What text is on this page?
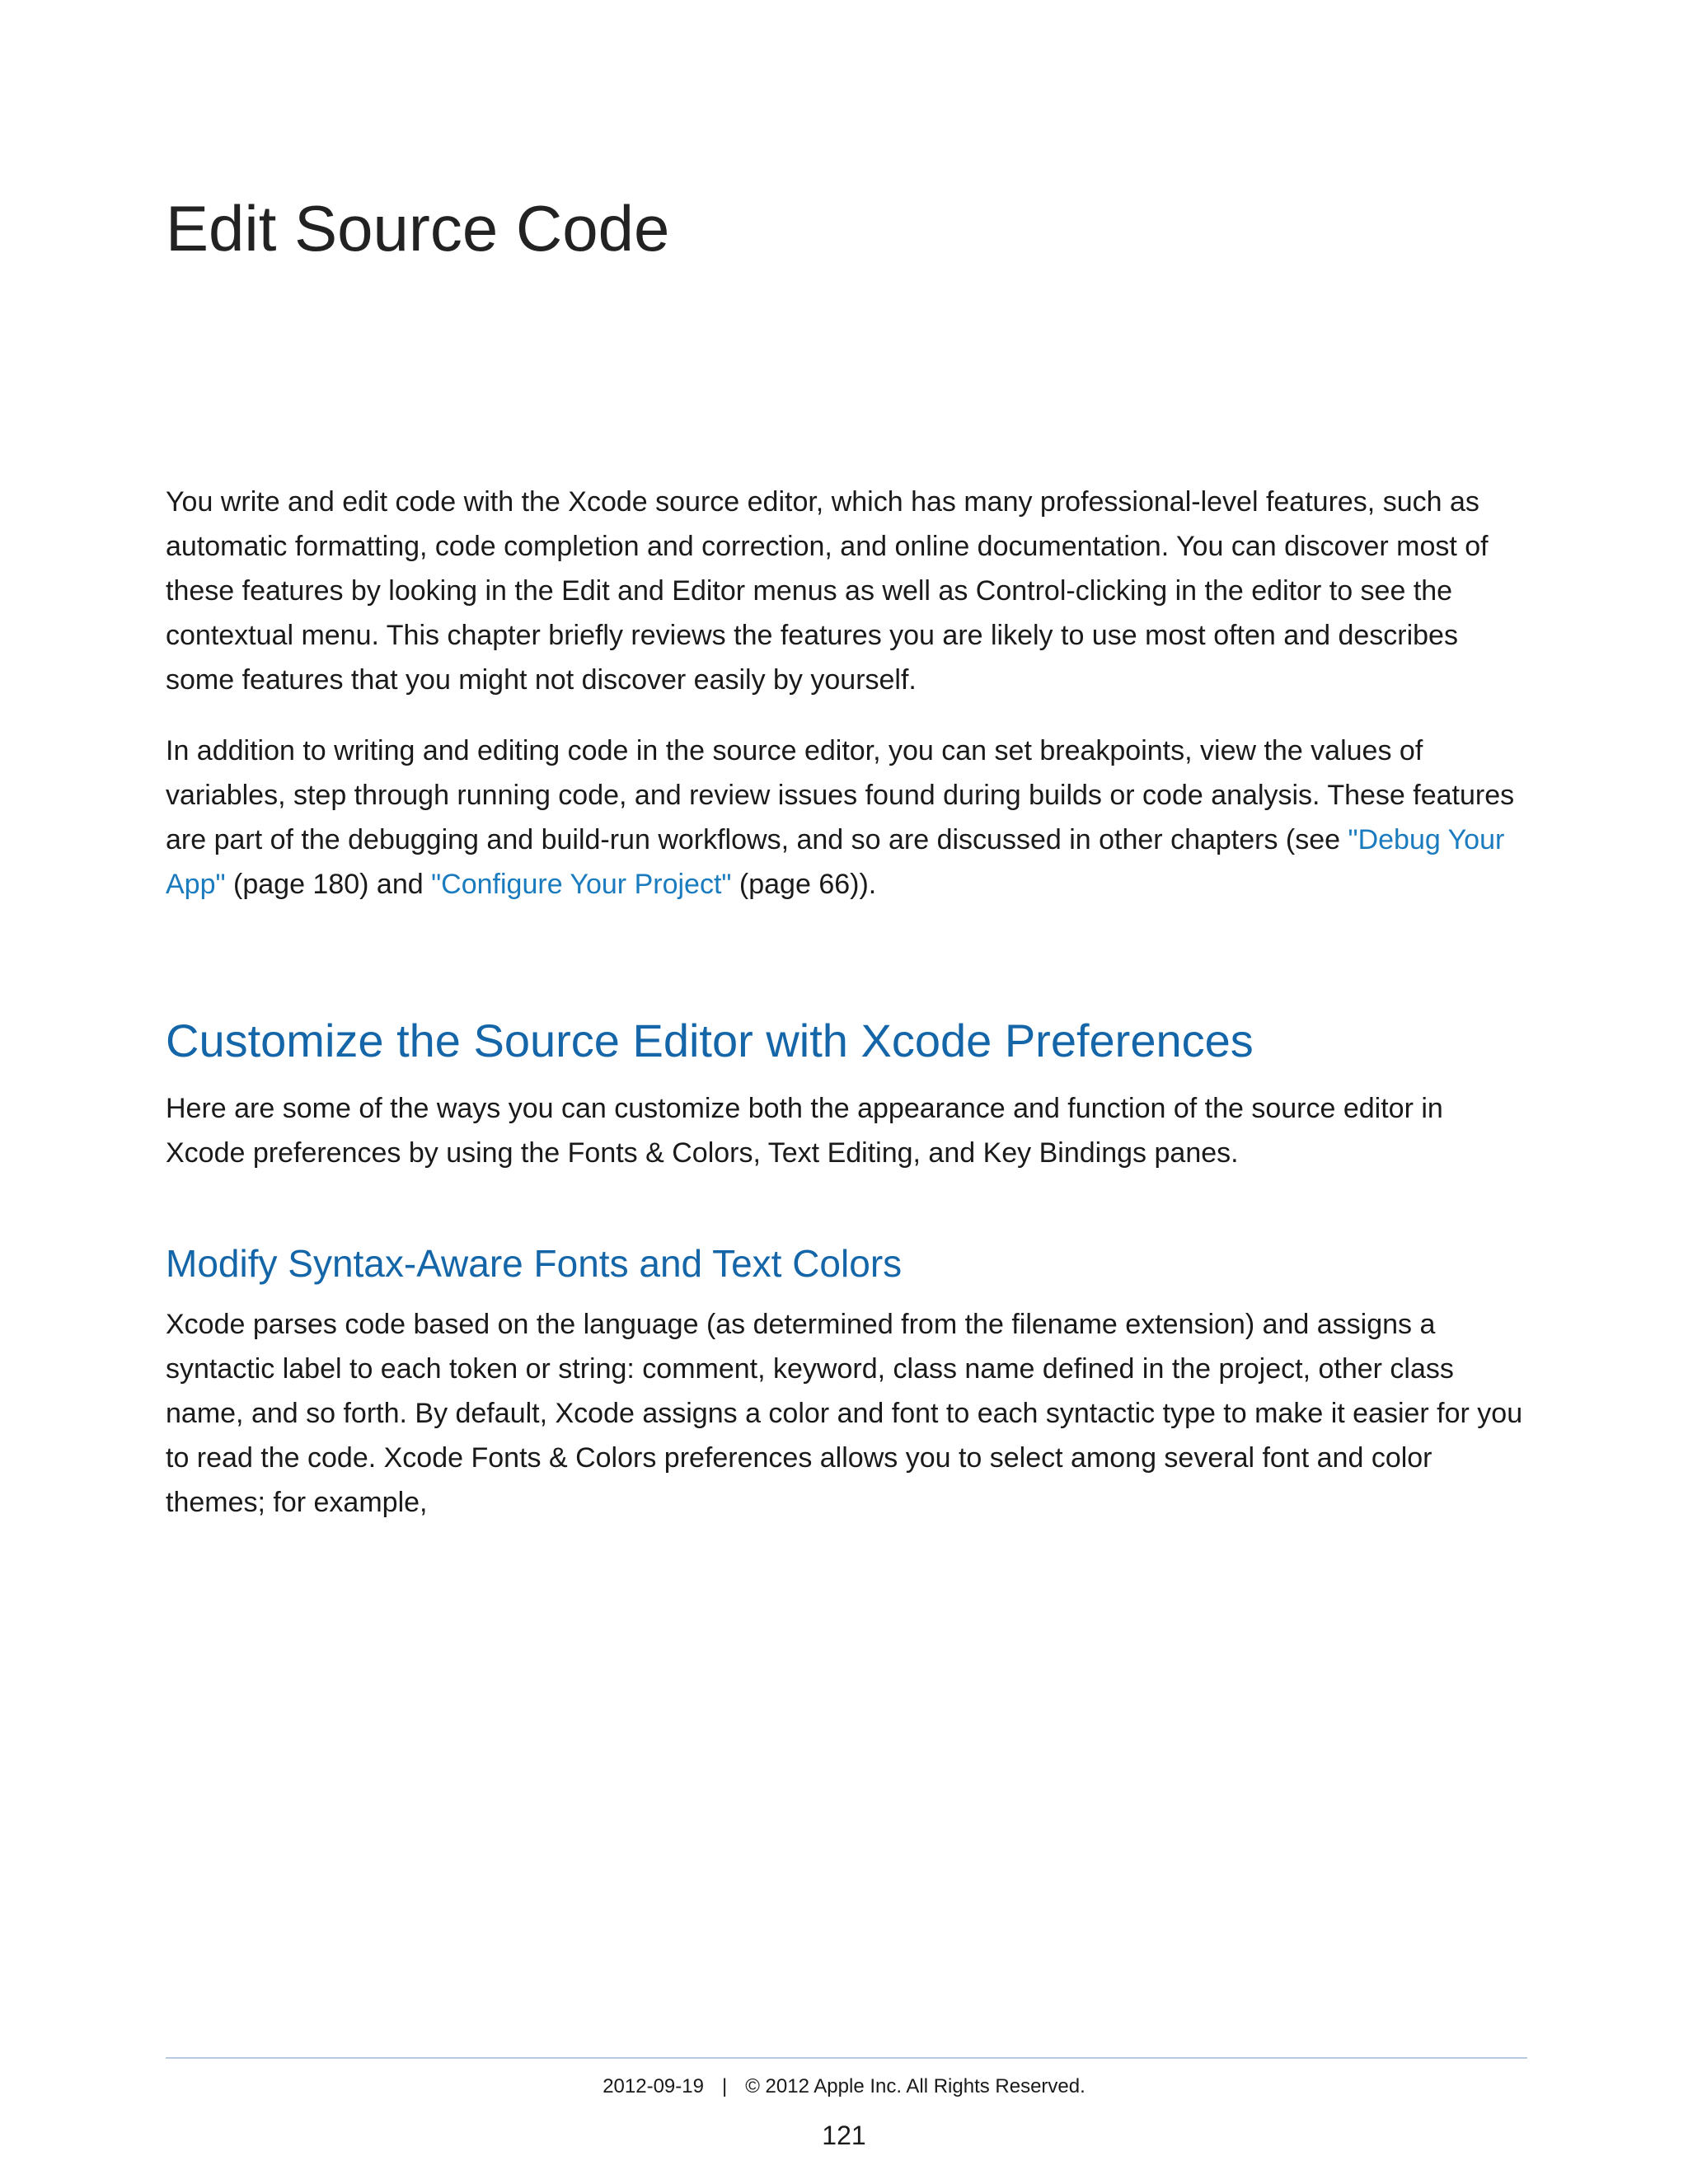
Edit Source Code

You write and edit code with the Xcode source editor, which has many professional-level features, such as automatic formatting, code completion and correction, and online documentation. You can discover most of these features by looking in the Edit and Editor menus as well as Control-clicking in the editor to see the contextual menu. This chapter briefly reviews the features you are likely to use most often and describes some features that you might not discover easily by yourself.

In addition to writing and editing code in the source editor, you can set breakpoints, view the values of variables, step through running code, and review issues found during builds or code analysis. These features are part of the debugging and build-run workflows, and so are discussed in other chapters (see "Debug Your App" (page 180) and "Configure Your Project" (page 66)).

Customize the Source Editor with Xcode Preferences

Here are some of the ways you can customize both the appearance and function of the source editor in Xcode preferences by using the Fonts & Colors, Text Editing, and Key Bindings panes.

Modify Syntax-Aware Fonts and Text Colors

Xcode parses code based on the language (as determined from the filename extension) and assigns a syntactic label to each token or string: comment, keyword, class name defined in the project, other class name, and so forth. By default, Xcode assigns a color and font to each syntactic type to make it easier for you to read the code. Xcode Fonts & Colors preferences allows you to select among several font and color themes; for example,

2012-09-19 | © 2012 Apple Inc. All Rights Reserved.
121
